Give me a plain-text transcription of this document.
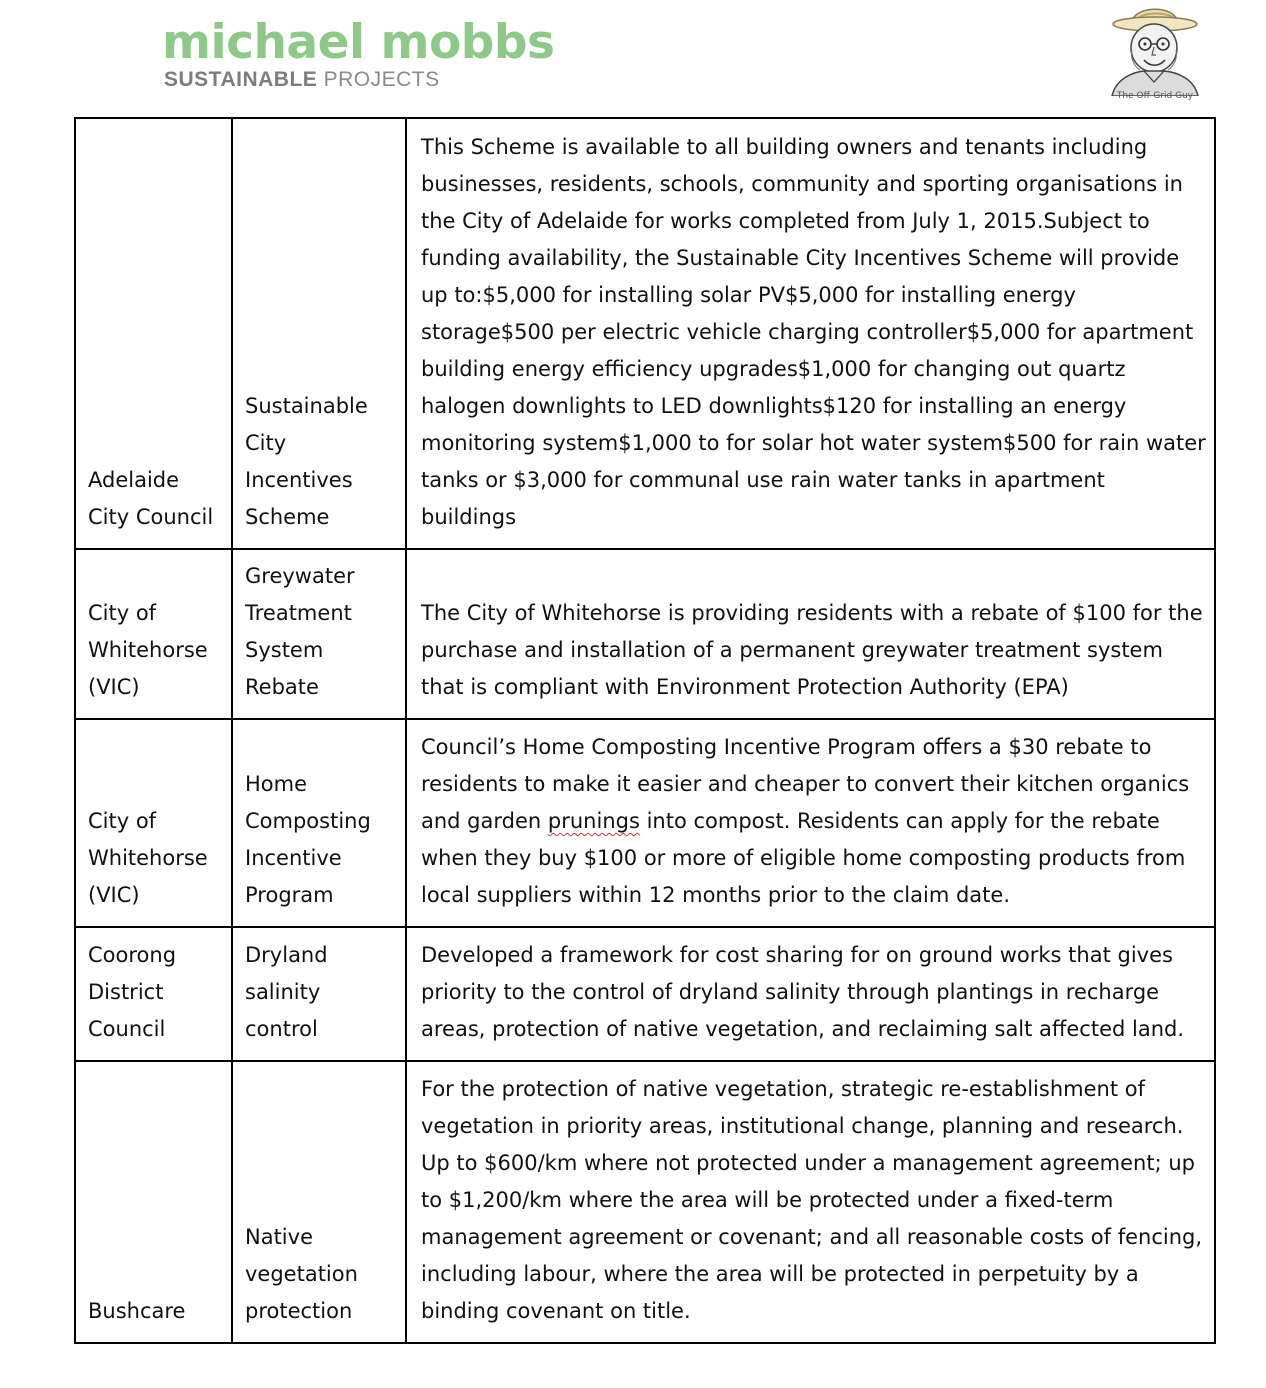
michael mobbs
SUSTAINABLE PROJECTS
The Off-Grid Guy
Adelaide City Council	Sustainable City Incentives Scheme	This Scheme is available to all building owners and tenants including businesses, residents, schools, community and sporting organisations in the City of Adelaide for works completed from July 1, 2015.Subject to funding availability, the Sustainable City Incentives Scheme will provide up to:$5,000 for installing solar PV$5,000 for installing energy storage$500 per electric vehicle charging controller$5,000 for apartment building energy efficiency upgrades$1,000 for changing out quartz halogen downlights to LED downlights$120 for installing an energy monitoring system$1,000 to for solar hot water system$500 for rain water tanks or $3,000 for communal use rain water tanks in apartment buildings
City of Whitehorse (VIC)	Greywater Treatment System Rebate	The City of Whitehorse is providing residents with a rebate of $100 for the purchase and installation of a permanent greywater treatment system that is compliant with Environment Protection Authority (EPA)
City of Whitehorse (VIC)	Home Composting Incentive Program	Council’s Home Composting Incentive Program offers a $30 rebate to residents to make it easier and cheaper to convert their kitchen organics and garden prunings into compost. Residents can apply for the rebate when they buy $100 or more of eligible home composting products from local suppliers within 12 months prior to the claim date.
Coorong District Council	Dryland salinity control	Developed a framework for cost sharing for on ground works that gives priority to the control of dryland salinity through plantings in recharge areas, protection of native vegetation, and reclaiming salt affected land.
Bushcare	Native vegetation protection	For the protection of native vegetation, strategic re-establishment of vegetation in priority areas, institutional change, planning and research. Up to $600/km where not protected under a management agreement; up to $1,200/km where the area will be protected under a fixed-term management agreement or covenant; and all reasonable costs of fencing, including labour, where the area will be protected in perpetuity by a binding covenant on title.
